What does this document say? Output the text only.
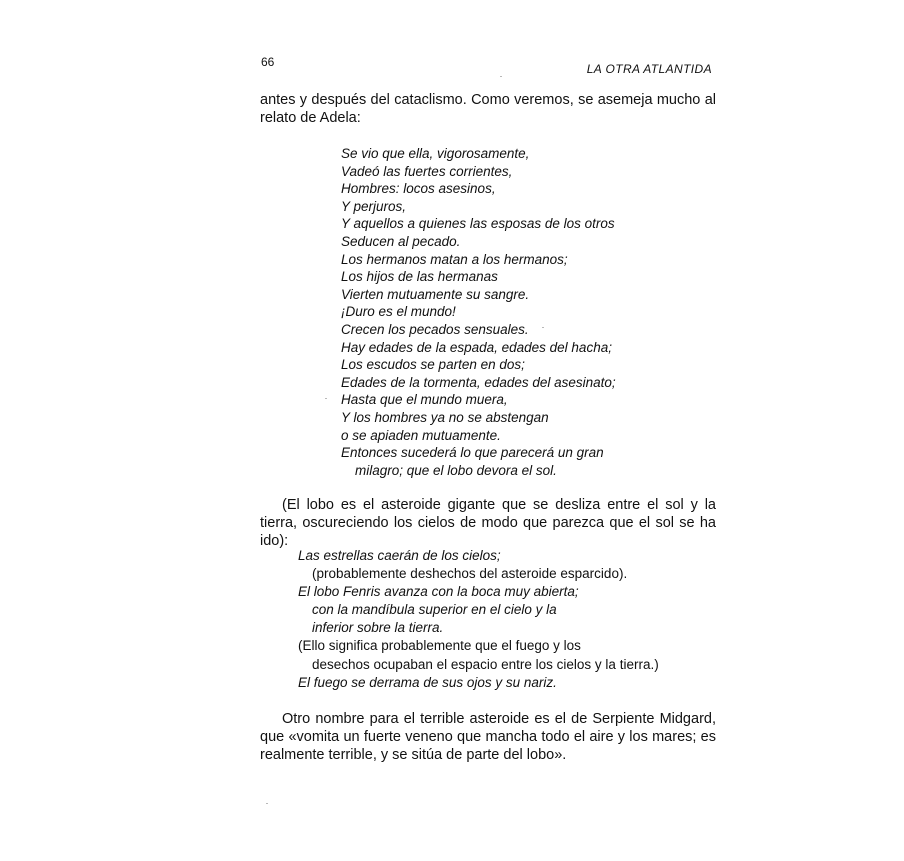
66	LA OTRA ATLANTIDA

antes y después del cataclismo. Como veremos, se asemeja mucho al relato de Adela:

Se vio que ella, vigorosamente,
Vadeó las fuertes corrientes,
Hombres: locos asesinos,
Y perjuros,
Y aquellos a quienes las esposas de los otros
Seducen al pecado.
Los hermanos matan a los hermanos;
Los hijos de las hermanas
Vierten mutuamente su sangre.
¡Duro es el mundo!
Crecen los pecados sensuales.
Hay edades de la espada, edades del hacha;
Los escudos se parten en dos;
Edades de la tormenta, edades del asesinato;
Hasta que el mundo muera,
Y los hombres ya no se abstengan
o se apiaden mutuamente.
Entonces sucederá lo que parecerá un gran
milagro; que el lobo devora el sol.

(El lobo es el asteroide gigante que se desliza entre el sol y la tierra, oscureciendo los cielos de modo que parezca que el sol se ha ido):

Las estrellas caerán de los cielos;
(probablemente deshechos del asteroide esparcido).
El lobo Fenris avanza con la boca muy abierta;
con la mandíbula superior en el cielo y la
inferior sobre la tierra.
(Ello significa probablemente que el fuego y los
desechos ocupaban el espacio entre los cielos y la tierra.)
El fuego se derrama de sus ojos y su nariz.

Otro nombre para el terrible asteroide es el de Serpiente Midgard, que «vomita un fuerte veneno que mancha todo el aire y los mares; es realmente terrible, y se sitúa de parte del lobo».
